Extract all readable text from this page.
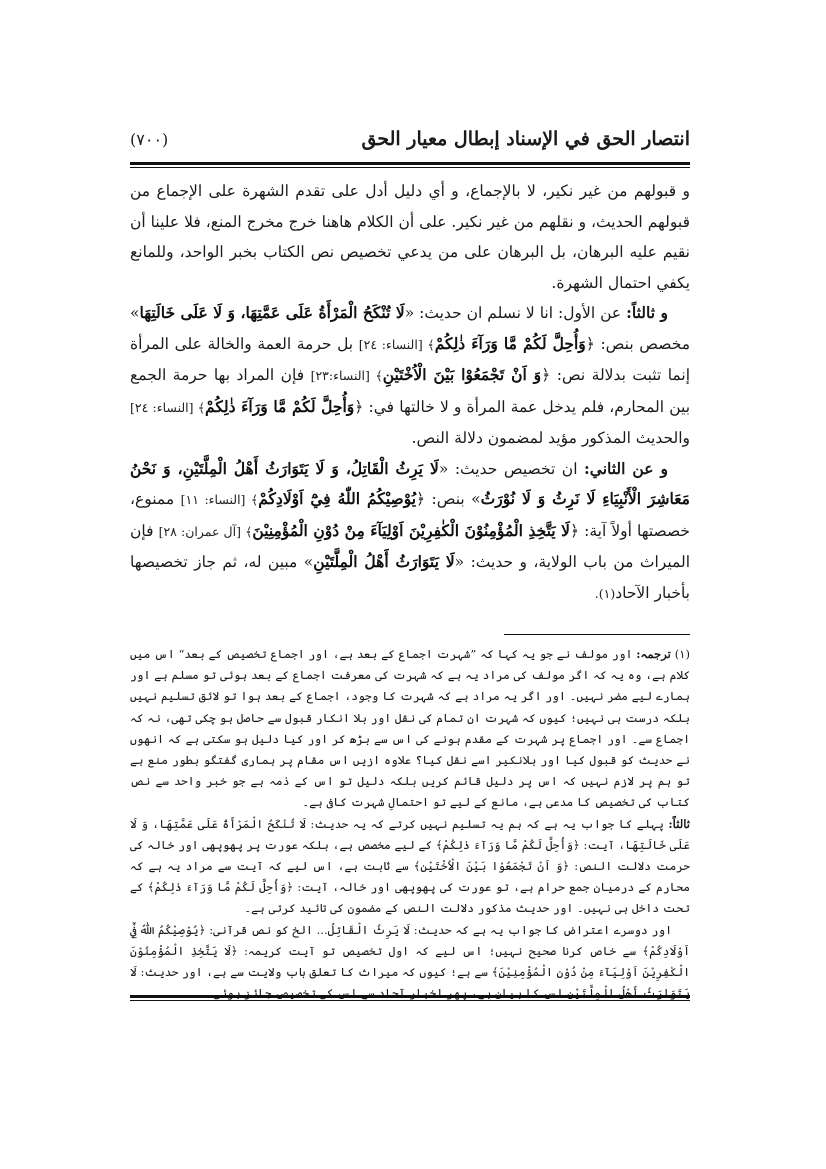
انتصار الحق في الإسناد إبطال معيار الحق
(٧٠٠)

و قبولهم من غير نكير، لا بالإجماع، و أي دليل أدل على تقدم الشهرة على الإجماع من قبولهم الحديث، و نقلهم من غير نكير. على أن الكلام هاهنا خرج مخرج المنع، فلا علينا أن نقيم عليه البرهان، بل البرهان على من يدعي تخصيص نص الكتاب بخبر الواحد، وللمانع يكفي احتمال الشهرة.

و ثالثاً: عن الأول: انا لا نسلم ان حديث: «لَا تُنْكَحُ الْمَرْأَةُ عَلَى عَمَّتِهَا، وَ لَا عَلَى خَالَتِهَا» مخصص بنص: ﴿وَأُحِلَّ لَكُمْ مَّا وَرَآءَ ذٰلِكُمْ﴾ [النساء: ٢٤] بل حرمة العمة والخالة على المرأة إنما تثبت بدلالة نص: ﴿وَ اَنْ تَجْمَعُوْا بَيْنَ الْاُخْتَيْنِ﴾ [النساء:٢٣] فإن المراد بها حرمة الجمع بين المحارم، فلم يدخل عمة المرأة و لا خالتها في: ﴿وَأُحِلَّ لَكُمْ مَّا وَرَآءَ ذٰلِكُمْ﴾ [النساء: ٢٤] والحديث المذكور مؤيد لمضمون دلالة النص.

و عن الثاني: ان تخصيص حديث: «لَا يَرِثُ الْقَاتِلُ، وَ لَا يَتَوَارَثُ أَهْلُ الْمِلَّتَيْنِ، وَ نَحْنُ مَعَاشِرَ الْأَنْبِيَاءِ لَا نَرِثُ وَ لَا نُوْرَثُ» بنص: ﴿يُوْصِيْكُمُ اللّٰهُ فِيْٓ اَوْلَادِكُمْ﴾ [النساء: ١١] ممنوع، خصصتها أولاً آية: ﴿لَا يَتَّخِذِ الْمُؤْمِنُوْنَ الْكٰفِرِيْنَ اَوْلِيَآءَ مِنْ دُوْنِ الْمُؤْمِنِيْنَ﴾ [آل عمران: ٢٨] فإن الميراث من باب الولاية، و حديث: «لَا يَتَوَارَثُ أَهْلُ الْمِلَّتَيْنِ» مبين له، ثم جاز تخصيصها بأخبار الآحاد(١).

(١) ترجمہ: اور مولف نے جو یہ کہا کہ ”شہرت اجماع کے بعد ہے، اور اجماع تخصیص کے بعد“ اس میں کلام ہے، وہ یہ کہ اگر مولف کی مراد یہ ہے کہ شہرت کی معرفت اجماع کے بعد ہوئی تو مسلم ہے اور ہمارے لیے مضر نہیں۔ اور اگر یہ مراد ہے کہ شہرت کا وجود، اجماع کے بعد ہوا تو لائق تسلیم نہیں بلکہ درست ہی نہیں؛ کیوں کہ شہرت ان تمام کی نقل اور بلا انکار قبول سے حاصل ہو چکی تھی، نہ کہ اجماع سے۔ اور اجماع پر شہرت کے مقدم ہونے کی اس سے بڑھ کر اور کیا دلیل ہو سکتی ہے کہ انھوں نے حدیث کو قبول کیا اور بلانکیر اسے نقل کیا؟ علاوہ ازیں اس مقام پر ہماری گفتگو بطور منع ہے تو ہم پر لازم نہیں کہ اس پر دلیل قائم کریں بلکہ دلیل تو اس کے ذمہ ہے جو خبر واحد سے نص کتاب کی تخصیص کا مدعی ہے، مانع کے لیے تو احتمالِ شہرت کافی ہے۔

ثالثاً: پہلے کا جواب یہ ہے کہ ہم یہ تسلیم نہیں کرتے کہ یہ حدیث: لَا تُنْكَحُ الْمَرْأَةُ عَلَى عَمَّتِهَا، وَ لَا عَلَى خَالَتِهَا، آیت: ﴿وَأُحِلَّ لَكُمْ مَّا وَرَآءَ ذٰلِكُمْ﴾ کے لیے مخصص ہے، بلکہ عورت پر پھوپھی اور خالہ کی حرمت دلالت النص: ﴿وَ اَنْ تَجْمَعُوْا بَيْنَ الْاُخْتَيْنِ﴾ سے ثابت ہے، اس لیے کہ آیت سے مراد یہ ہے کہ محارم کے درمیان جمع حرام ہے، تو عورت کی پھوپھی اور خالہ، آیت: ﴿وَأُحِلَّ لَكُمْ مَّا وَرَآءَ ذٰلِكُمْ﴾ کے تحت داخل ہی نہیں۔ اور حدیث مذکور دلالت النص کے مضمون کی تائید کرتی ہے۔

اور دوسرے اعتراض کا جواب یہ ہے کہ حدیث: لَا يَرِثُ الْقَاتِلُ... الخ کو نص قرآنی: ﴿يُوْصِيْكُمُ اللّٰهُ فِيْٓ اَوْلَادِكُمْ﴾ سے خاص کرنا صحیح نہیں؛ اس لیے کہ اول تخصیص تو آیت کریمہ: ﴿لَا يَتَّخِذِ الْمُؤْمِنُوْنَ الْكٰفِرِيْنَ اَوْلِيَآءَ مِنْ دُوْنِ الْمُؤْمِنِيْنَ﴾ سے ہے؛ کیوں کہ میراث کا تعلق باب ولایت سے ہے، اور حدیث: لَا يَتَوَارَثُ أَهْلُ الْمِلَّتَيْنِ اس کا بیان ہے، پھر اخبار آحاد سے اس کی تخصیص جائز ہوئی۔
